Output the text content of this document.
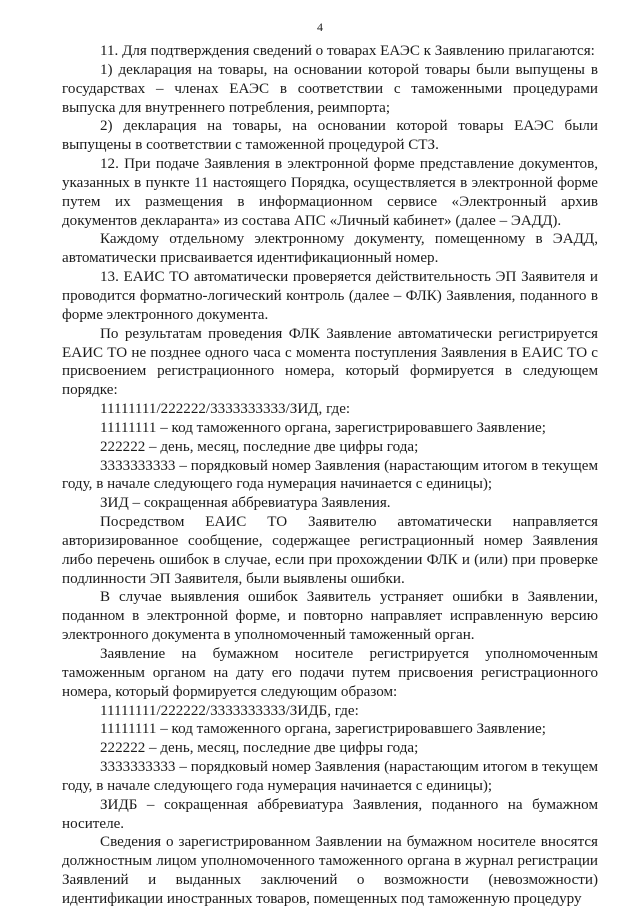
4

11. Для подтверждения сведений о товарах ЕАЭС к Заявлению прилагаются:

1) декларация на товары, на основании которой товары были выпущены в государствах – членах ЕАЭС в соответствии с таможенными процедурами выпуска для внутреннего потребления, реимпорта;

2) декларация на товары, на основании которой товары ЕАЭС были выпущены в соответствии с таможенной процедурой СТЗ.

12. При подаче Заявления в электронной форме представление документов, указанных в пункте 11 настоящего Порядка, осуществляется в электронной форме путем их размещения в информационном сервисе «Электронный архив документов декларанта» из состава АПС «Личный кабинет» (далее – ЭАДД).

Каждому отдельному электронному документу, помещенному в ЭАДД, автоматически присваивается идентификационный номер.

13. ЕАИС ТО автоматически проверяется действительность ЭП Заявителя и проводится форматно-логический контроль (далее – ФЛК) Заявления, поданного в форме электронного документа.

По результатам проведения ФЛК Заявление автоматически регистрируется ЕАИС ТО не позднее одного часа с момента поступления Заявления в ЕАИС ТО с присвоением регистрационного номера, который формируется в следующем порядке:

11111111/222222/3333333333/ЗИД, где:

11111111 – код таможенного органа, зарегистрировавшего Заявление;

222222 – день, месяц, последние две цифры года;

3333333333 – порядковый номер Заявления (нарастающим итогом в текущем году, в начале следующего года нумерация начинается с единицы);

ЗИД – сокращенная аббревиатура Заявления.

Посредством ЕАИС ТО Заявителю автоматически направляется авторизированное сообщение, содержащее регистрационный номер Заявления либо перечень ошибок в случае, если при прохождении ФЛК и (или) при проверке подлинности ЭП Заявителя, были выявлены ошибки.

В случае выявления ошибок Заявитель устраняет ошибки в Заявлении, поданном в электронной форме, и повторно направляет исправленную версию электронного документа в уполномоченный таможенный орган.

Заявление на бумажном носителе регистрируется уполномоченным таможенным органом на дату его подачи путем присвоения регистрационного номера, который формируется следующим образом:

11111111/222222/3333333333/ЗИДБ, где:

11111111 – код таможенного органа, зарегистрировавшего Заявление;

222222 – день, месяц, последние две цифры года;

3333333333 – порядковый номер Заявления (нарастающим итогом в текущем году, в начале следующего года нумерация начинается с единицы);

ЗИДБ – сокращенная аббревиатура Заявления, поданного на бумажном носителе.

Сведения о зарегистрированном Заявлении на бумажном носителе вносятся должностным лицом уполномоченного таможенного органа в журнал регистрации Заявлений и выданных заключений о возможности (невозможности) идентификации иностранных товаров, помещенных под таможенную процедуру
